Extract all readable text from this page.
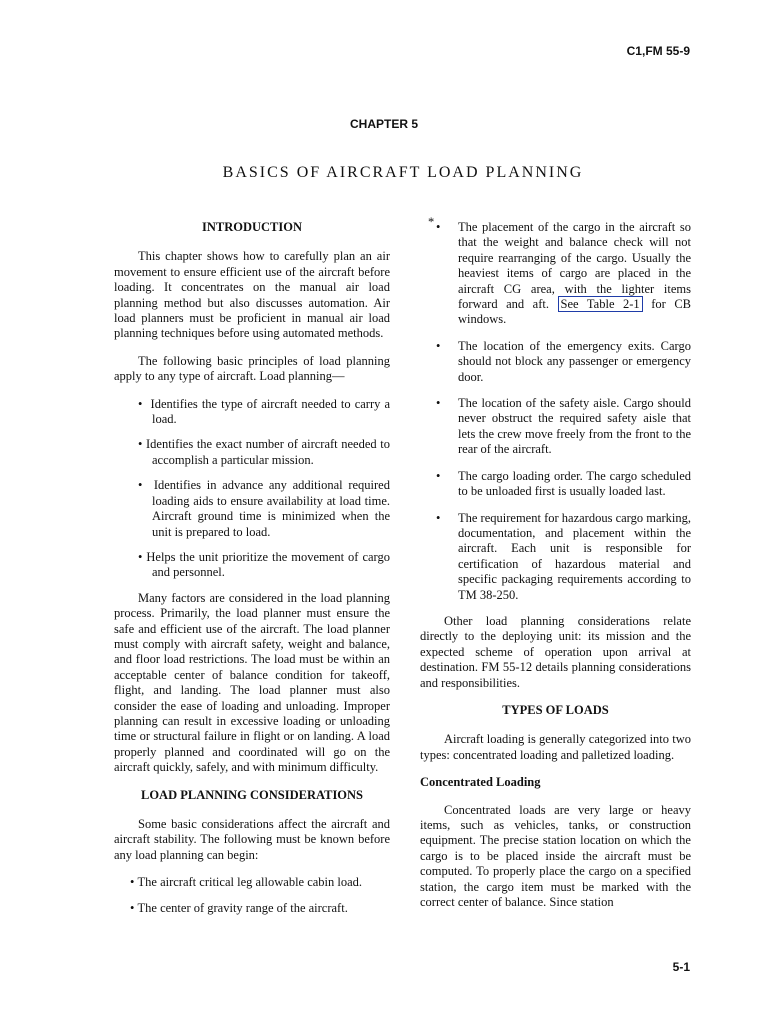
C1,FM 55-9
CHAPTER 5
BASICS OF AIRCRAFT LOAD PLANNING
INTRODUCTION

This chapter shows how to carefully plan an air movement to ensure efficient use of the aircraft before loading. It concentrates on the manual air load planning method but also discusses automation. Air load planners must be proficient in manual air load planning techniques before using automated methods.

The following basic principles of load planning apply to any type of aircraft. Load planning—

•  Identifies the type of aircraft needed to carry a load.
• Identifies the exact number of aircraft needed to accomplish a particular mission.
•  Identifies in advance any additional required loading aids to ensure availability at load time. Aircraft ground time is minimized when the unit is prepared to load.
• Helps the unit prioritize the movement of cargo and personnel.

Many factors are considered in the load planning process. Primarily, the load planner must ensure the safe and efficient use of the aircraft. The load planner must comply with aircraft safety, weight and balance, and floor load restrictions. The load must be within an acceptable center of balance condition for takeoff, flight, and landing. The load planner must also consider the ease of loading and unloading. Improper planning can result in excessive loading or unloading time or structural failure in flight or on landing. A load properly planned and coordinated will go on the aircraft quickly, safely, and with minimum difficulty.

LOAD PLANNING CONSIDERATIONS

Some basic considerations affect the aircraft and aircraft stability. The following must be known before any load planning can begin:

• The aircraft critical leg allowable cabin load.
• The center of gravity range of the aircraft.
* • The placement of the cargo in the aircraft so that the weight and balance check will not require rearranging of the cargo. Usually the heaviest items of cargo are placed in the aircraft CG area, with the lighter items forward and aft. See Table 2-1 for CB windows.
• The location of the emergency exits. Cargo should not block any passenger or emergency door.
• The location of the safety aisle. Cargo should never obstruct the required safety aisle that lets the crew move freely from the front to the rear of the aircraft.
• The cargo loading order. The cargo scheduled to be unloaded first is usually loaded last.
• The requirement for hazardous cargo marking, documentation, and placement within the aircraft. Each unit is responsible for certification of hazardous material and specific packaging requirements according to TM 38-250.

Other load planning considerations relate directly to the deploying unit: its mission and the expected scheme of operation upon arrival at destination. FM 55-12 details planning considerations and responsibilities.

TYPES OF LOADS

Aircraft loading is generally categorized into two types: concentrated loading and palletized loading.

Concentrated Loading

Concentrated loads are very large or heavy items, such as vehicles, tanks, or construction equipment. The precise station location on which the cargo is to be placed inside the aircraft must be computed. To properly place the cargo on a specified station, the cargo item must be marked with the correct center of balance. Since station

5-1
